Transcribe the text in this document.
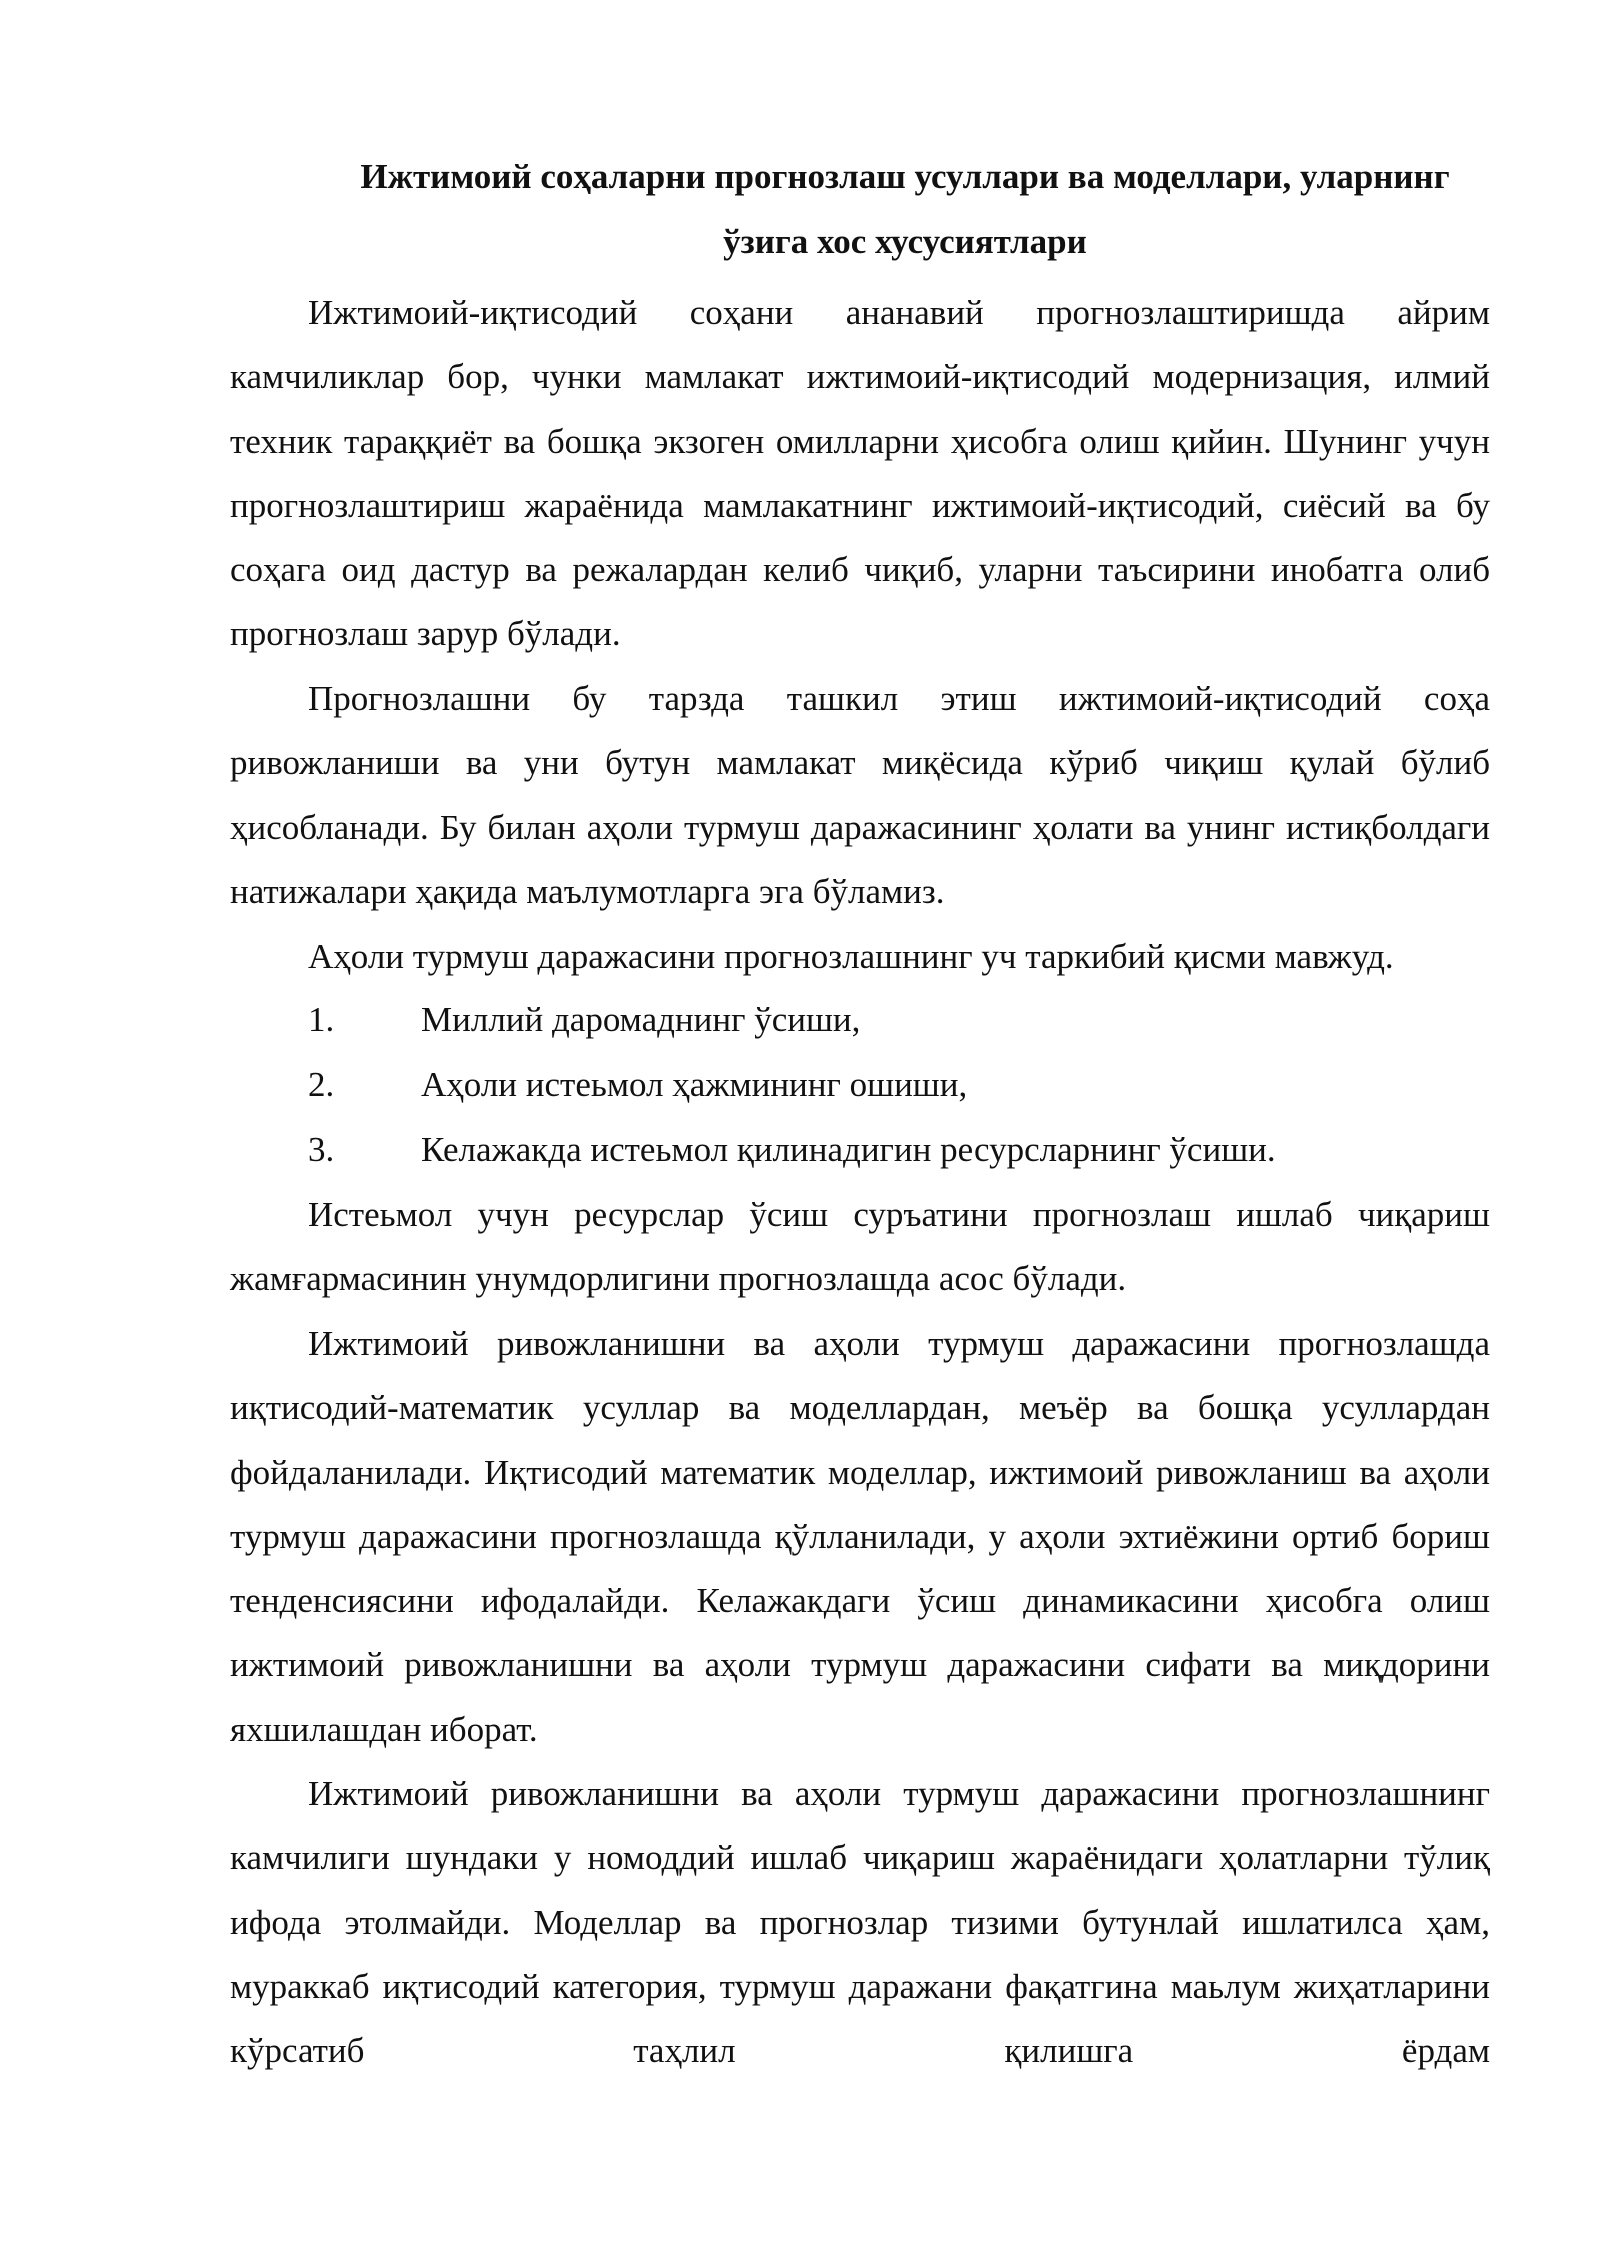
Ижтимоий соҳаларни прогнозлаш усуллари ва моделлари, уларнинг
ўзига хос хусусиятлари

Ижтимоий-иқтисодий соҳани ананавий прогнозлаштиришда айрим камчиликлар бор, чунки мамлакат ижтимоий-иқтисодий модернизация, илмий техник тараққиёт ва бошқа экзоген омилларни ҳисобга олиш қийин. Шунинг учун прогнозлаштириш жараёнида мамлакатнинг ижтимоий-иқтисодий, сиёсий ва бу соҳага оид дастур ва режалардан келиб чиқиб, уларни таъсирини инобатга олиб прогнозлаш зарур бўлади.

Прогнозлашни бу тарзда ташкил этиш ижтимоий-иқтисодий соҳа ривожланиши ва уни бутун мамлакат миқёсида кўриб чиқиш қулай бўлиб ҳисобланади. Бу билан аҳоли турмуш даражасининг ҳолати ва унинг истиқболдаги натижалари ҳақида маълумотларга эга бўламиз.

Аҳоли турмуш даражасини прогнозлашнинг уч таркибий қисми мавжуд.

1. Миллий даромаднинг ўсиши,
2. Аҳоли истеьмол ҳажмининг ошиши,
3. Келажакда истеьмол қилинадигин ресурсларнинг ўсиши.

Истеьмол учун ресурслар ўсиш суръатини прогнозлаш ишлаб чиқариш жамғармасинин унумдорлигини прогнозлашда асос бўлади.

Ижтимоий ривожланишни ва аҳоли турмуш даражасини прогнозлашда иқтисодий-математик усуллар ва моделлардан, меъёр ва бошқа усуллардан фойдаланилади. Иқтисодий математик моделлар, ижтимоий ривожланиш ва аҳоли турмуш даражасини прогнозлашда қўлланилади, у аҳоли эхтиёжини ортиб бориш тенденсиясини ифодалайди. Келажакдаги ўсиш динамикасини ҳисобга олиш ижтимоий ривожланишни ва аҳоли турмуш даражасини сифати ва миқдорини яхшилашдан иборат.

Ижтимоий ривожланишни ва аҳоли турмуш даражасини прогнозлашнинг камчилиги шундаки у номоддий ишлаб чиқариш жараёнидаги ҳолатларни тўлиқ ифода этолмайди. Моделлар ва прогнозлар тизими бутунлай ишлатилса ҳам, мураккаб иқтисодий категория, турмуш даражани фақатгина маьлум жиҳатларини кўрсатиб таҳлил қилишга ёрдам
